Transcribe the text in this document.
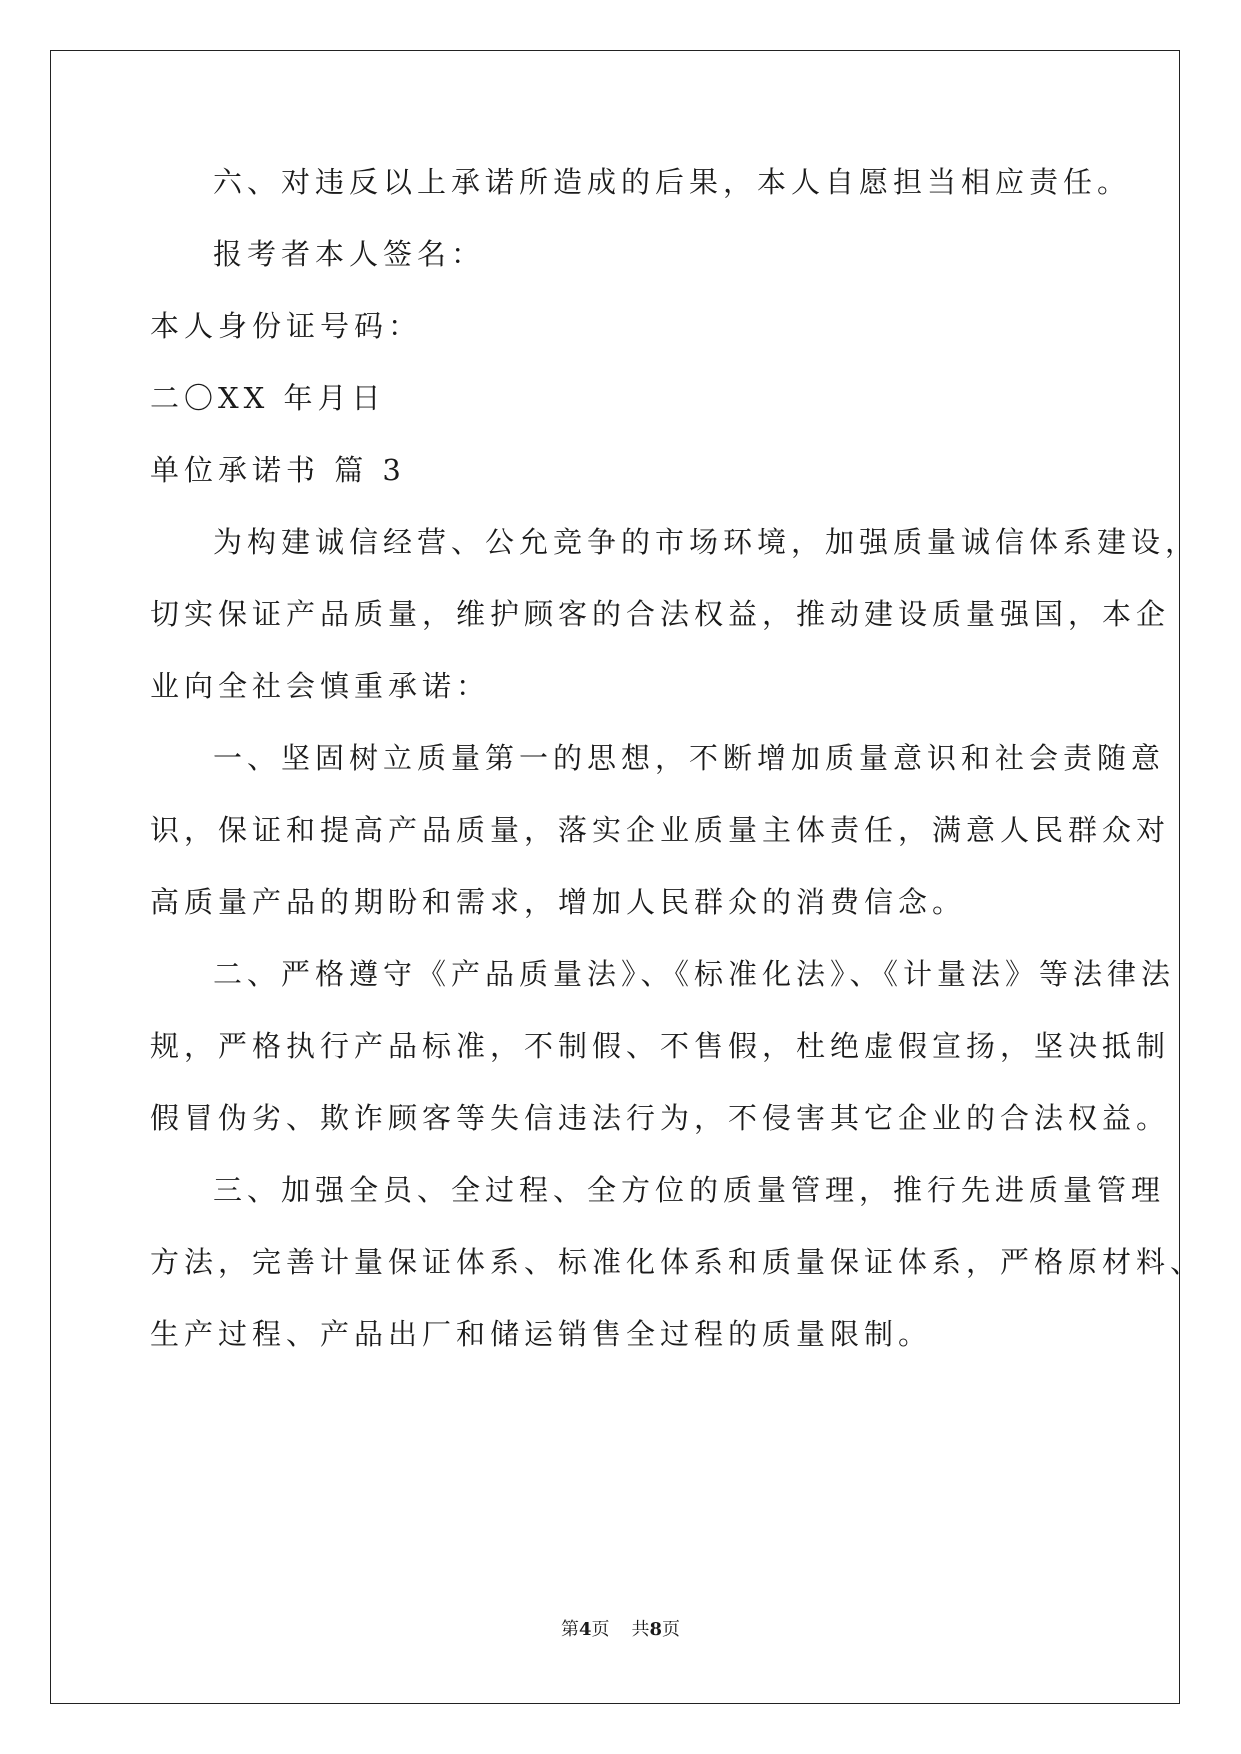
六、对违反以上承诺所造成的后果，本人自愿担当相应责任。
报考者本人签名：
本人身份证号码：
二〇XX 年月日
单位承诺书 篇 3
为构建诚信经营、公允竞争的市场环境，加强质量诚信体系建设，
切实保证产品质量，维护顾客的合法权益，推动建设质量强国，本企
业向全社会慎重承诺：
一、坚固树立质量第一的思想，不断增加质量意识和社会责随意
识，保证和提高产品质量，落实企业质量主体责任，满意人民群众对
高质量产品的期盼和需求，增加人民群众的消费信念。
二、严格遵守《产品质量法》、《标准化法》、《计量法》等法律法
规，严格执行产品标准，不制假、不售假，杜绝虚假宣扬，坚决抵制
假冒伪劣、欺诈顾客等失信违法行为，不侵害其它企业的合法权益。
三、加强全员、全过程、全方位的质量管理，推行先进质量管理
方法，完善计量保证体系、标准化体系和质量保证体系，严格原材料、
生产过程、产品出厂和储运销售全过程的质量限制。
第4页 共8页
